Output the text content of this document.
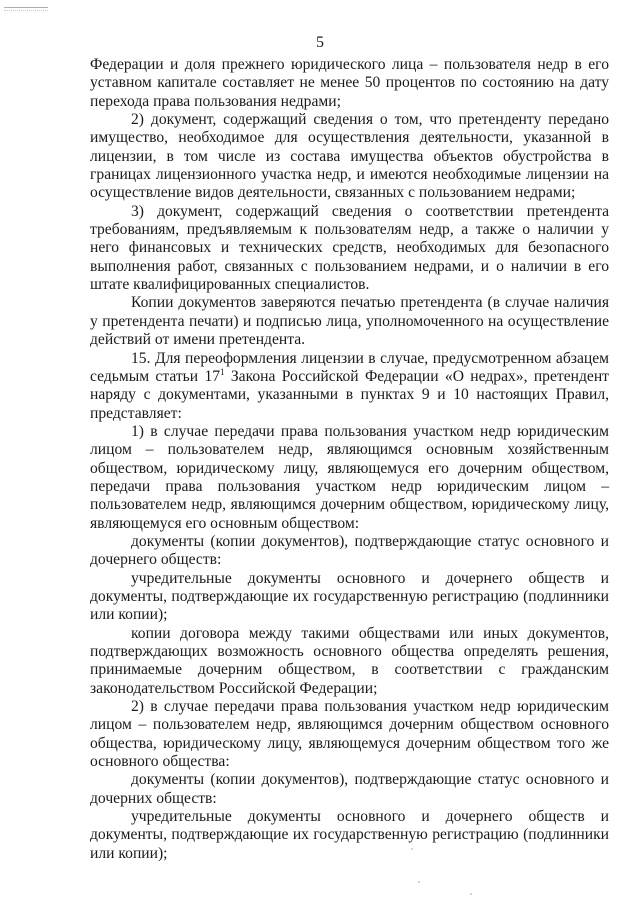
5

Федерации и доля прежнего юридического лица – пользователя недр в его уставном капитале составляет не менее 50 процентов по состоянию на дату перехода права пользования недрами;

2) документ, содержащий сведения о том, что претенденту передано имущество, необходимое для осуществления деятельности, указанной в лицензии, в том числе из состава имущества объектов обустройства в границах лицензионного участка недр, и имеются необходимые лицензии на осуществление видов деятельности, связанных с пользованием недрами;

3) документ, содержащий сведения о соответствии претендента требованиям, предъявляемым к пользователям недр, а также о наличии у него финансовых и технических средств, необходимых для безопасного выполнения работ, связанных с пользованием недрами, и о наличии в его штате квалифицированных специалистов.

Копии документов заверяются печатью претендента (в случае наличия у претендента печати) и подписью лица, уполномоченного на осуществление действий от имени претендента.

15. Для переоформления лицензии в случае, предусмотренном абзацем седьмым статьи 17$^1$ Закона Российской Федерации «О недрах», претендент наряду с документами, указанными в пунктах 9 и 10 настоящих Правил, представляет:

1) в случае передачи права пользования участком недр юридическим лицом – пользователем недр, являющимся основным хозяйственным обществом, юридическому лицу, являющемуся его дочерним обществом, передачи права пользования участком недр юридическим лицом – пользователем недр, являющимся дочерним обществом, юридическому лицу, являющемуся его основным обществом:

документы (копии документов), подтверждающие статус основного и дочернего обществ:

учредительные документы основного и дочернего обществ и документы, подтверждающие их государственную регистрацию (подлинники или копии);

копии договора между такими обществами или иных документов, подтверждающих возможность основного общества определять решения, принимаемые дочерним обществом, в соответствии с гражданским законодательством Российской Федерации;

2) в случае передачи права пользования участком недр юридическим лицом – пользователем недр, являющимся дочерним обществом основного общества, юридическому лицу, являющемуся дочерним обществом того же основного общества:

документы (копии документов), подтверждающие статус основного и дочерних обществ:

учредительные документы основного и дочернего обществ и документы, подтверждающие их государственную регистрацию (подлинники или копии);
